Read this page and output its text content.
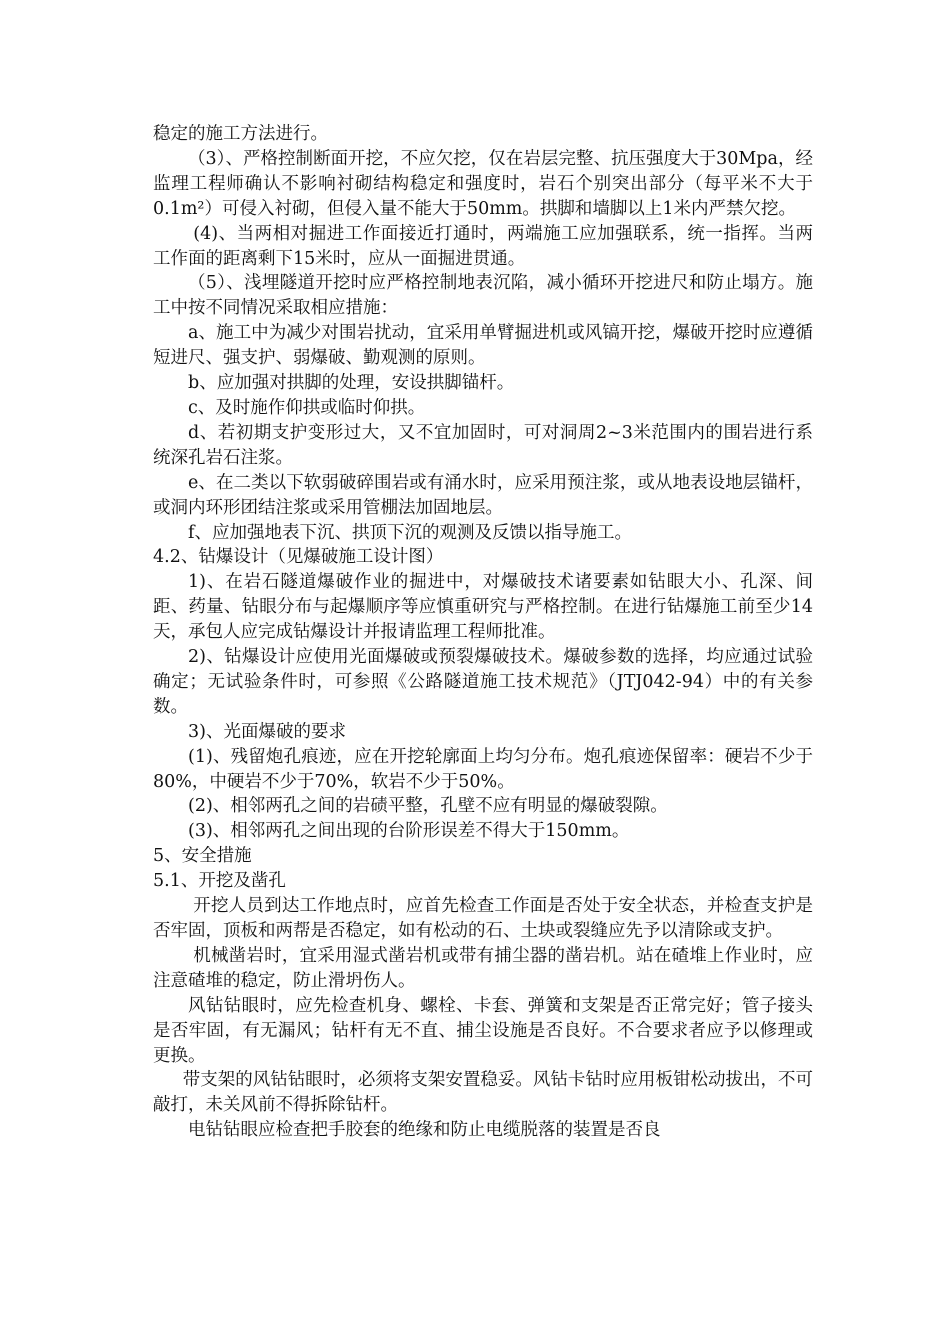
稳定的施工方法进行。

（3）、严格控制断面开挖，不应欠挖，仅在岩层完整、抗压强度大于30Mpa，经监理工程师确认不影响衬砌结构稳定和强度时，岩石个别突出部分（每平米不大于0.1m²）可侵入衬砌，但侵入量不能大于50mm。拱脚和墙脚以上1米内严禁欠挖。

(4)、当两相对掘进工作面接近打通时，两端施工应加强联系，统一指挥。当两工作面的距离剩下15米时，应从一面掘进贯通。

（5）、浅埋隧道开挖时应严格控制地表沉陷，减小循环开挖进尺和防止塌方。施工中按不同情况采取相应措施：

a、施工中为减少对围岩扰动，宜采用单臂掘进机或风镐开挖，爆破开挖时应遵循短进尺、强支护、弱爆破、勤观测的原则。

b、应加强对拱脚的处理，安设拱脚锚杆。

c、及时施作仰拱或临时仰拱。

d、若初期支护变形过大，又不宜加固时，可对洞周2~3米范围内的围岩进行系统深孔岩石注浆。

e、在二类以下软弱破碎围岩或有涌水时，应采用预注浆，或从地表设地层锚杆，或洞内环形团结注浆或采用管棚法加固地层。

f、应加强地表下沉、拱顶下沉的观测及反馈以指导施工。

4.2、钻爆设计（见爆破施工设计图）

1)、在岩石隧道爆破作业的掘进中，对爆破技术诸要素如钻眼大小、孔深、间距、药量、钻眼分布与起爆顺序等应慎重研究与严格控制。在进行钻爆施工前至少14天，承包人应完成钻爆设计并报请监理工程师批准。

2)、钻爆设计应使用光面爆破或预裂爆破技术。爆破参数的选择，均应通过试验确定；无试验条件时，可参照《公路隧道施工技术规范》（JTJ042-94）中的有关参数。

3)、光面爆破的要求

(1)、残留炮孔痕迹，应在开挖轮廓面上均匀分布。炮孔痕迹保留率：硬岩不少于80%，中硬岩不少于70%，软岩不少于50%。

(2)、相邻两孔之间的岩碛平整，孔壁不应有明显的爆破裂隙。

(3)、相邻两孔之间出现的台阶形误差不得大于150mm。

5、安全措施

5.1、开挖及凿孔

开挖人员到达工作地点时，应首先检查工作面是否处于安全状态，并检查支护是否牢固，顶板和两帮是否稳定，如有松动的石、土块或裂缝应先予以清除或支护。

机械凿岩时，宜采用湿式凿岩机或带有捕尘器的凿岩机。站在碴堆上作业时，应注意碴堆的稳定，防止滑坍伤人。

风钻钻眼时，应先检查机身、螺栓、卡套、弹簧和支架是否正常完好；管子接头是否牢固，有无漏风；钻杆有无不直、捕尘设施是否良好。不合要求者应予以修理或更换。

带支架的风钻钻眼时，必须将支架安置稳妥。风钻卡钻时应用板钳松动拔出，不可敲打，未关风前不得拆除钻杆。

电钻钻眼应检查把手胶套的绝缘和防止电缆脱落的装置是否良
